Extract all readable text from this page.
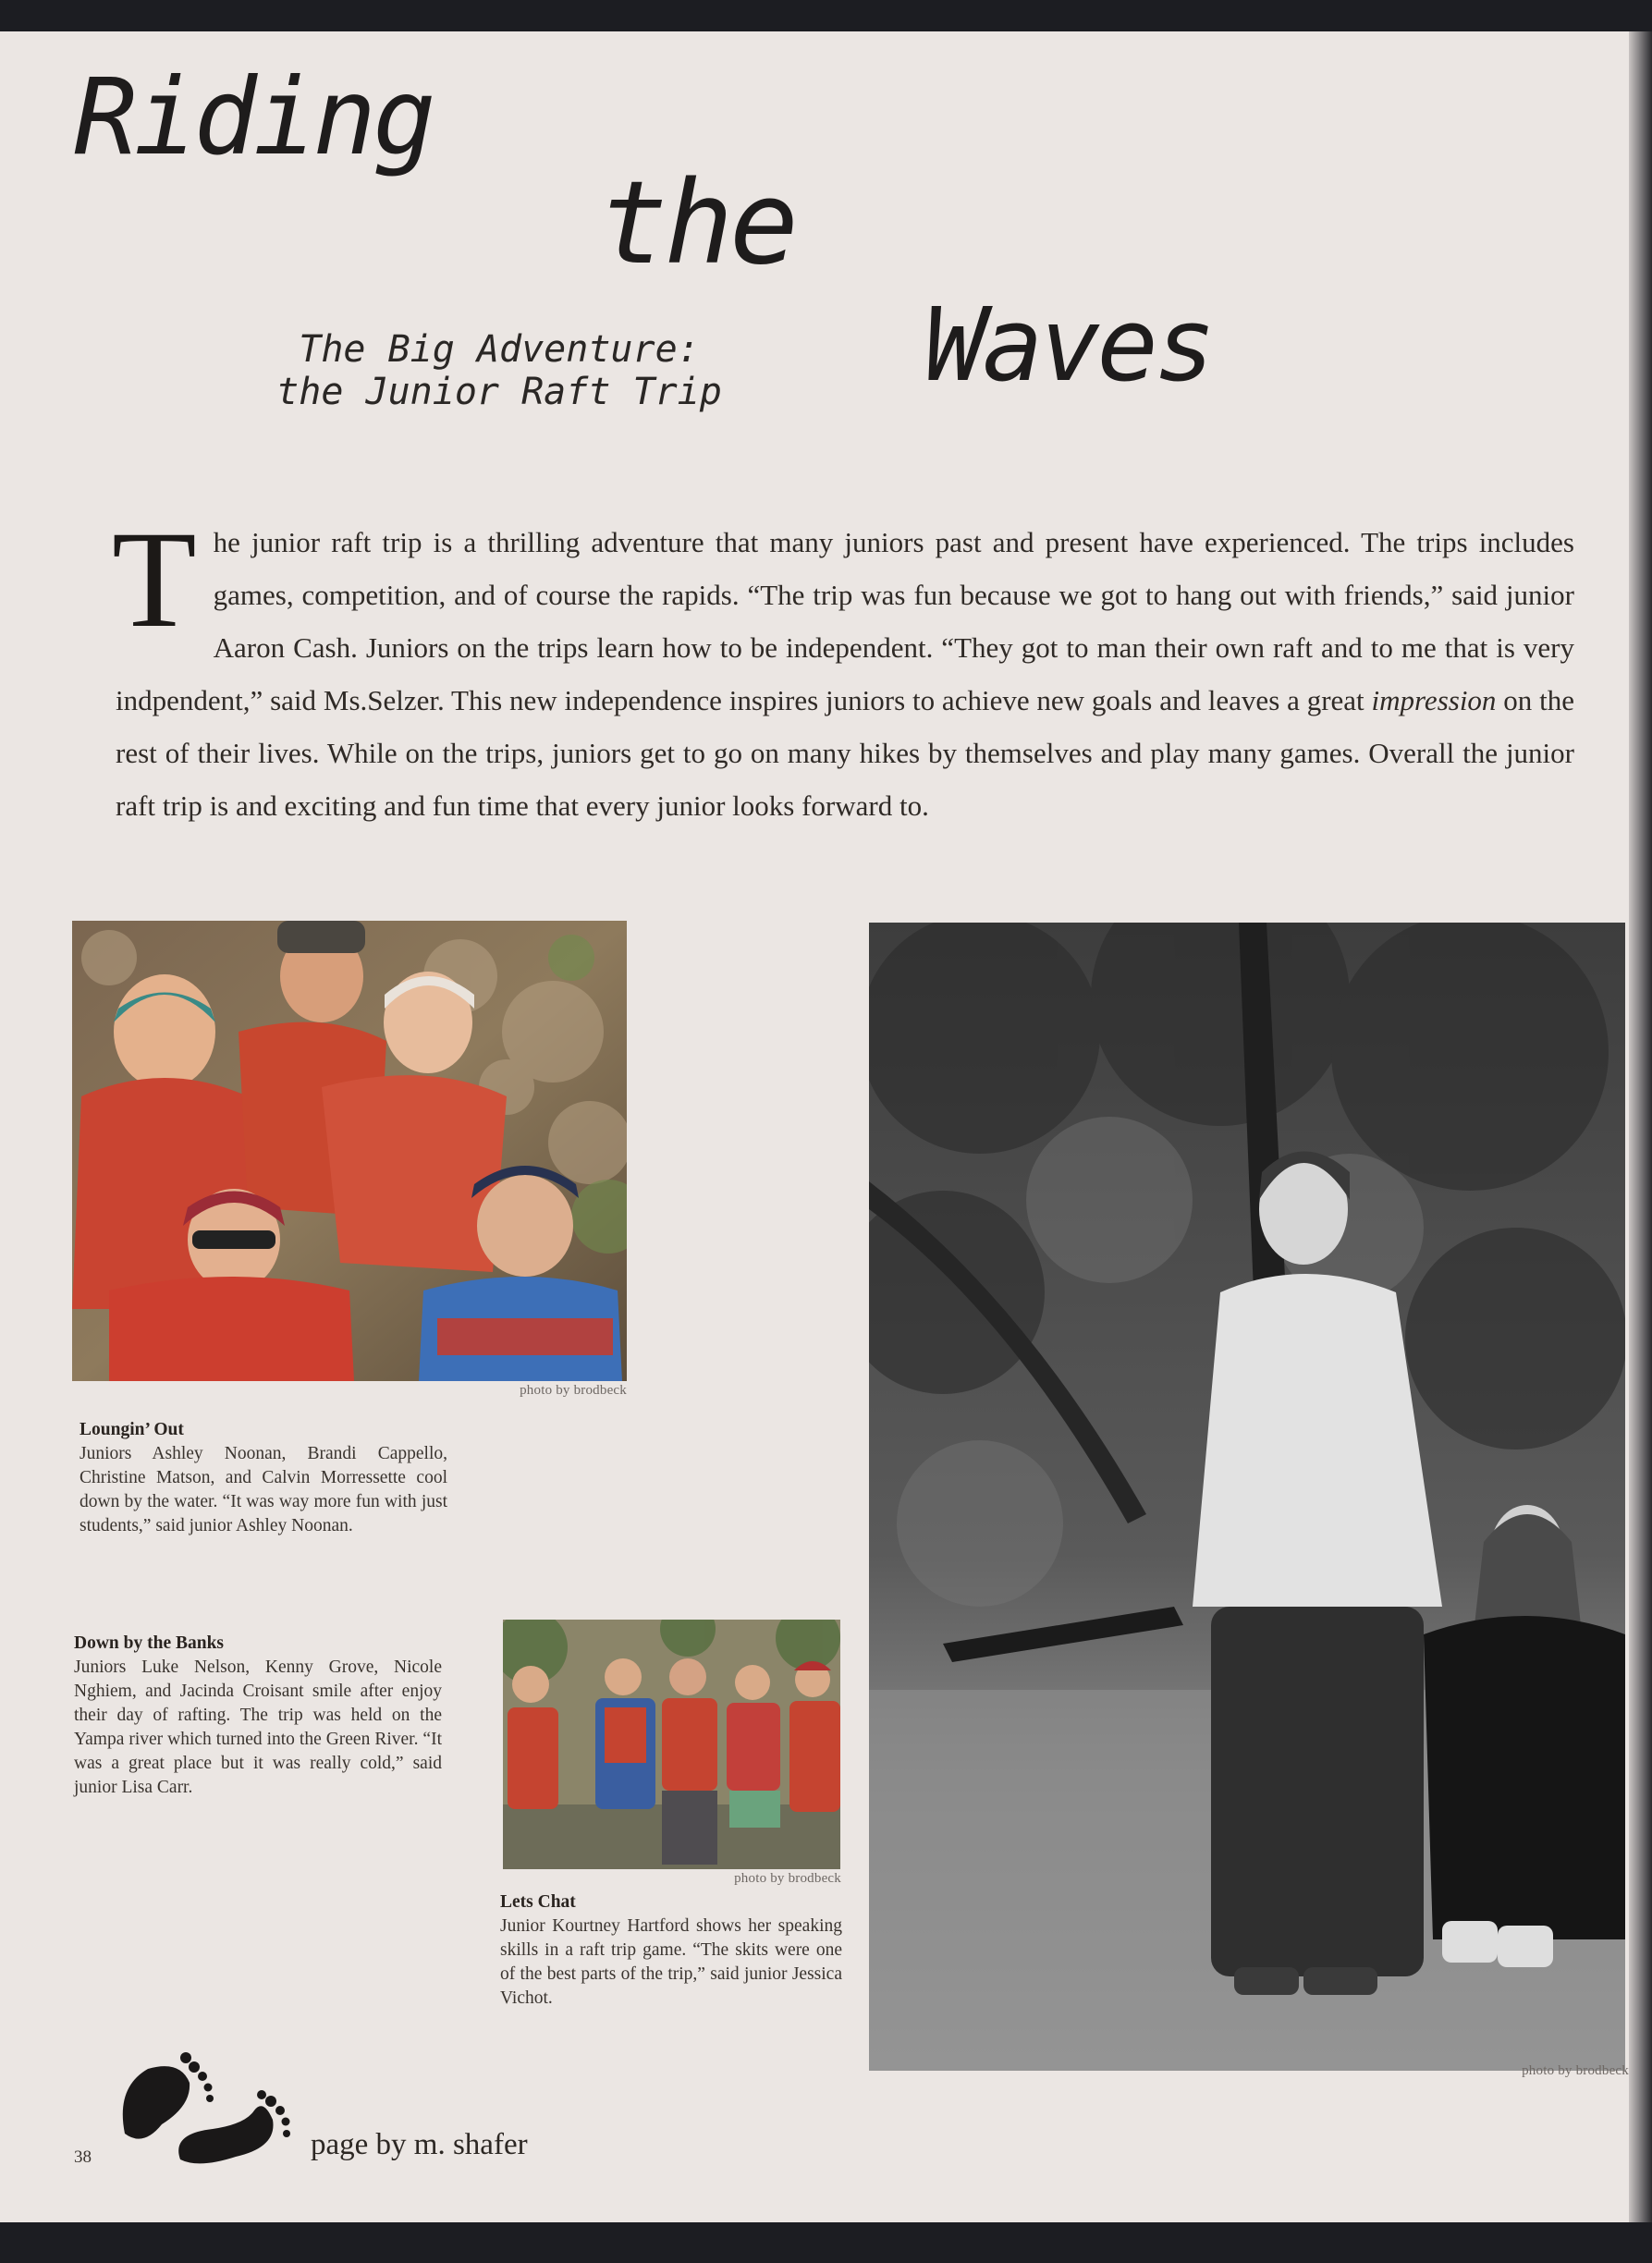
Riding
the
Waves
The Big Adventure:
the Junior Raft Trip
The junior raft trip is a thrilling adventure that many juniors past and present have experienced. The trips includes games, competition, and of course the rapids. “The trip was fun because we got to hang out with friends,” said junior Aaron Cash. Juniors on the trips learn how to be independent. “They got to man their own raft and to me that is very indpendent,” said Ms.Selzer. This new independence inspires juniors to achieve new goals and leaves a great impression on the rest of their lives. While on the trips, juniors get to go on many hikes by themselves and play many games. Overall the junior raft trip is and exciting and fun time that every junior looks forward to.
photo by brodbeck
Loungin’ Out
Juniors Ashley Noonan, Brandi Cappello, Christine Matson, and Calvin Morressette cool down by the water. “It was way more fun with just students,” said junior Ashley Noonan.
Down by the Banks
Juniors Luke Nelson, Kenny Grove, Nicole Nghiem, and Jacinda Croisant smile after enjoy their day of rafting. The trip was held on the Yampa river which turned into the Green River. “It was a great place but it was really cold,” said junior Lisa Carr.
photo by brodbeck
Lets Chat
Junior Kourtney Hartford shows her speaking skills in a raft trip game. “The skits were one of the best parts of the trip,” said junior Jessica Vichot.
photo by brodbeck
38	page by m. shafer
